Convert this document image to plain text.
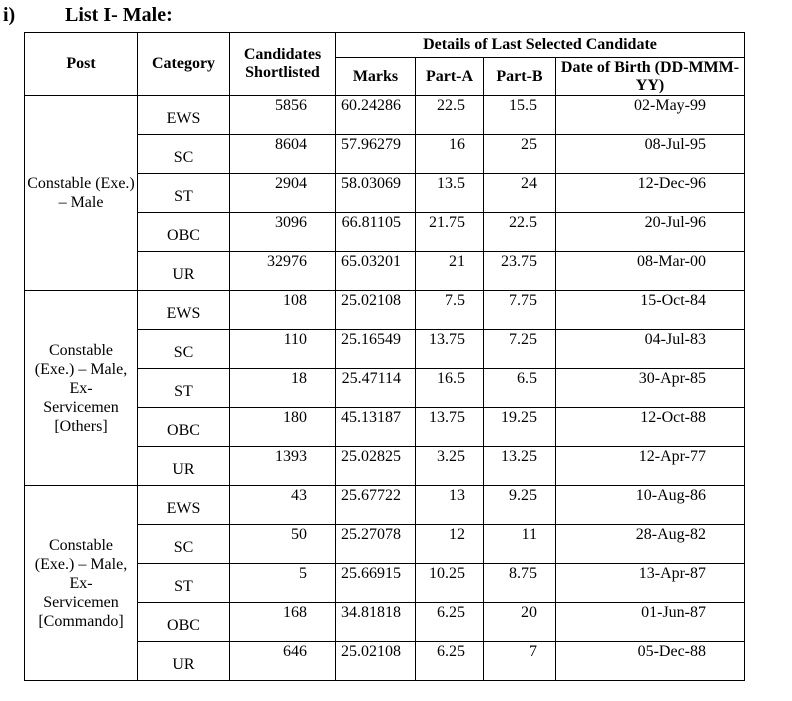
i) List I- Male:
Post	Category	Candidates Shortlisted	Details of Last Selected Candidate			
			Marks	Part-A	Part-B	Date of Birth (DD-MMM-YY)
Constable (Exe.) – Male	EWS	5856	60.24286	22.5	15.5	02-May-99
	SC	8604	57.96279	16	25	08-Jul-95
	ST	2904	58.03069	13.5	24	12-Dec-96
	OBC	3096	66.81105	21.75	22.5	20-Jul-96
	UR	32976	65.03201	21	23.75	08-Mar-00
Constable (Exe.) – Male, Ex-Servicemen [Others]	EWS	108	25.02108	7.5	7.75	15-Oct-84
	SC	110	25.16549	13.75	7.25	04-Jul-83
	ST	18	25.47114	16.5	6.5	30-Apr-85
	OBC	180	45.13187	13.75	19.25	12-Oct-88
	UR	1393	25.02825	3.25	13.25	12-Apr-77
Constable (Exe.) – Male, Ex-Servicemen [Commando]	EWS	43	25.67722	13	9.25	10-Aug-86
	SC	50	25.27078	12	11	28-Aug-82
	ST	5	25.66915	10.25	8.75	13-Apr-87
	OBC	168	34.81818	6.25	20	01-Jun-87
	UR	646	25.02108	6.25	7	05-Dec-88
